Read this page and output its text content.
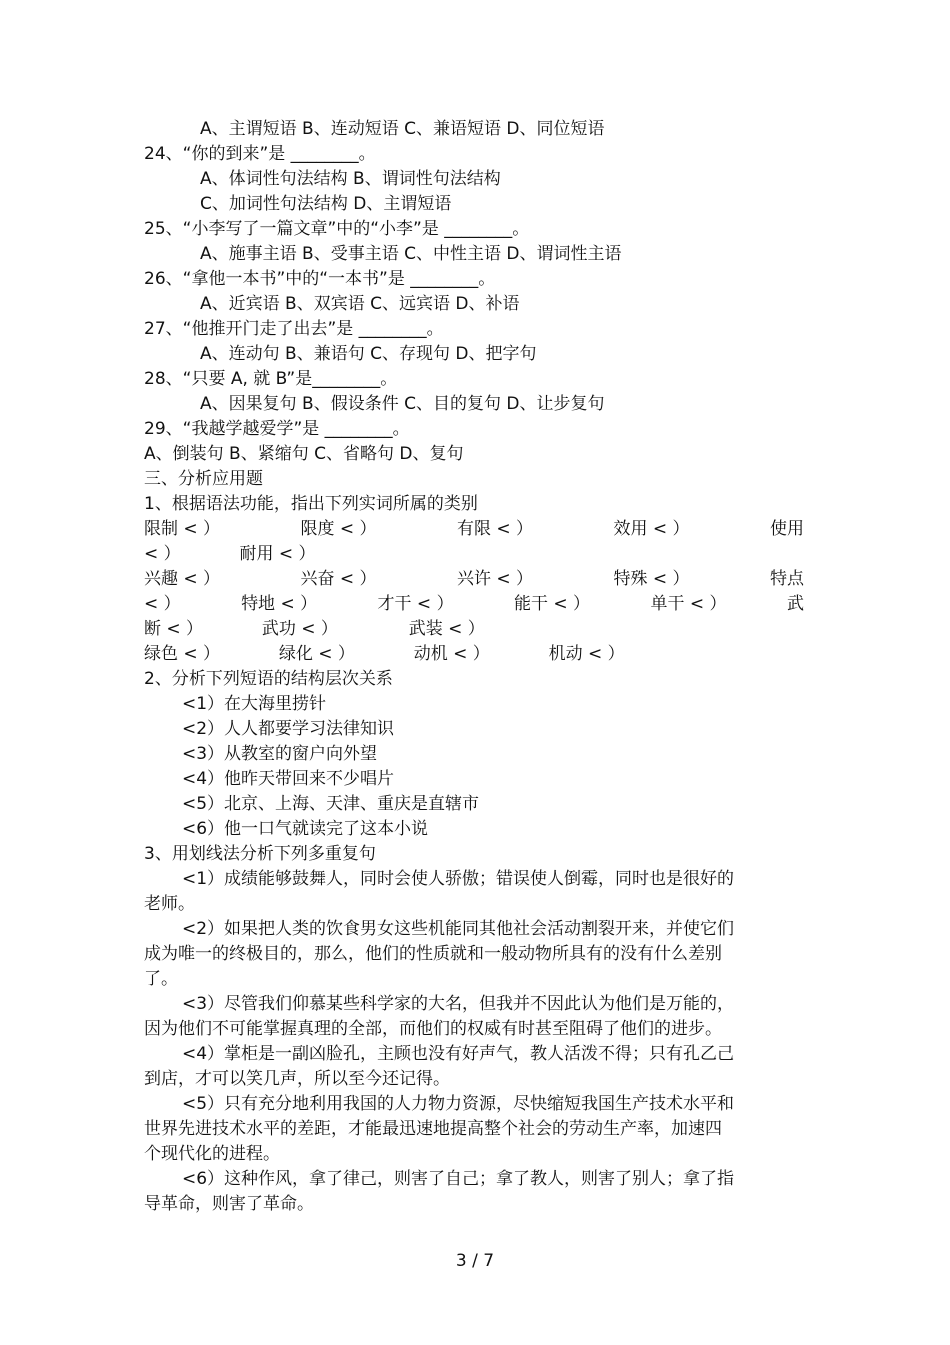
A、主谓短语 B、连动短语 C、兼语短语 D、同位短语
24、“你的到来”是 ________。
A、体词性句法结构 B、谓词性句法结构
C、加词性句法结构 D、主谓短语
25、“小李写了一篇文章”中的“小李”是 ________。
A、施事主语 B、受事主语 C、中性主语 D、谓词性主语
26、“拿他一本书”中的“一本书”是 ________。
A、近宾语 B、双宾语 C、远宾语 D、补语
27、“他推开门走了出去”是 ________。
A、连动句 B、兼语句 C、存现句 D、把字句
28、“只要 A, 就 B”是________。
A、因果复句 B、假设条件 C、目的复句 D、让步复句
29、“我越学越爱学”是 ________。
A、倒装句 B、紧缩句 C、省略句 D、复句
三、分析应用题
1、根据语法功能，指出下列实词所属的类别
限制 < ）	限度 < ）	有限 < ）	效用 < ）	使用
< ）	耐用 < ）
兴趣 < ）	兴奋 < ）	兴许 < ）	特殊 < ）	特点
< ）	特地 < ）	才干 < ）	能干 < ）	单干 < ）	武
断 < ）	武功 < ）	武装 < ）
绿色 < ）	绿化 < ）	动机 < ）	机动 < ）
2、分析下列短语的结构层次关系
<1）在大海里捞针
<2）人人都要学习法律知识
<3）从教室的窗户向外望
<4）他昨天带回来不少唱片
<5）北京、上海、天津、重庆是直辖市
<6）他一口气就读完了这本小说
3、用划线法分析下列多重复句
<1）成绩能够鼓舞人，同时会使人骄傲；错误使人倒霉，同时也是很好的
老师。
<2）如果把人类的饮食男女这些机能同其他社会活动割裂开来，并使它们
成为唯一的终极目的，那么，他们的性质就和一般动物所具有的没有什么差别
了。
<3）尽管我们仰慕某些科学家的大名，但我并不因此认为他们是万能的，
因为他们不可能掌握真理的全部，而他们的权威有时甚至阻碍了他们的进步。
<4）掌柜是一副凶脸孔，主顾也没有好声气，教人活泼不得；只有孔乙己
到店，才可以笑几声，所以至今还记得。
<5）只有充分地利用我国的人力物力资源，尽快缩短我国生产技术水平和
世界先进技术水平的差距，才能最迅速地提高整个社会的劳动生产率，加速四
个现代化的进程。
<6）这种作风，拿了律己，则害了自己；拿了教人，则害了别人；拿了指
导革命，则害了革命。
3 / 7
